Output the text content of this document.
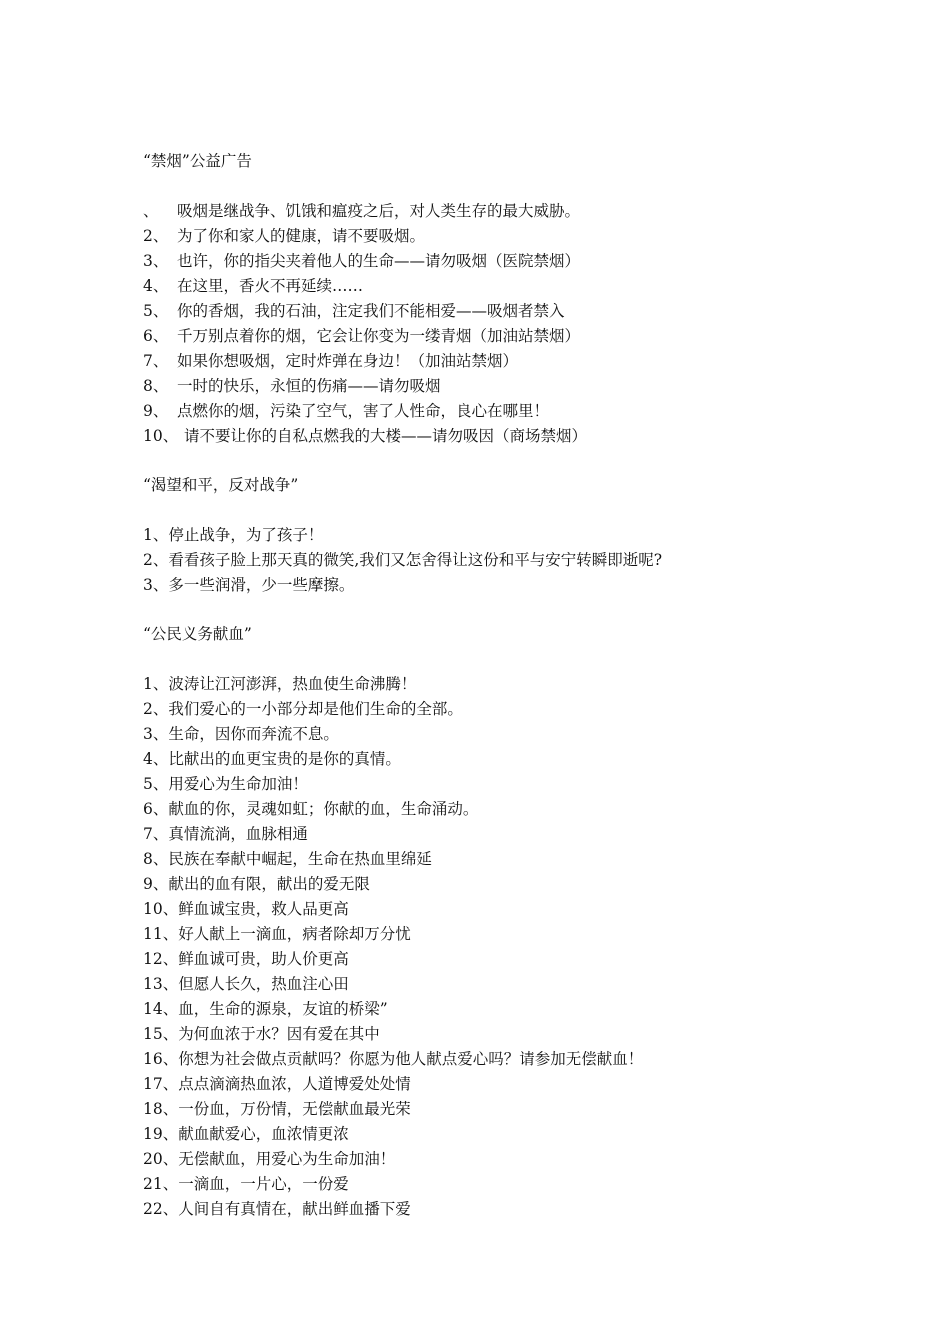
“禁烟”公益广告
、 吸烟是继战争、饥饿和瘟疫之后，对人类生存的最大威胁。
2、 为了你和家人的健康，请不要吸烟。
3、 也许，你的指尖夹着他人的生命——请勿吸烟（医院禁烟）
4、 在这里，香火不再延续……
5、 你的香烟，我的石油，注定我们不能相爱——吸烟者禁入
6、 千万别点着你的烟，它会让你变为一缕青烟（加油站禁烟）
7、 如果你想吸烟，定时炸弹在身边！（加油站禁烟）
8、 一时的快乐，永恒的伤痛——请勿吸烟
9、 点燃你的烟，污染了空气，害了人性命，良心在哪里！
10、 请不要让你的自私点燃我的大楼——请勿吸因（商场禁烟）
“渴望和平，反对战争”
1、停止战争，为了孩子！
2、看看孩子脸上那天真的微笑,我们又怎舍得让这份和平与安宁转瞬即逝呢?
3、多一些润滑，少一些摩擦。
“公民义务献血”
1、波涛让江河澎湃，热血使生命沸腾！
2、我们爱心的一小部分却是他们生命的全部。
3、生命，因你而奔流不息。
4、比献出的血更宝贵的是你的真情。
5、用爱心为生命加油！
6、献血的你，灵魂如虹；你献的血，生命涌动。
7、真情流淌，血脉相通
8、民族在奉献中崛起，生命在热血里绵延
9、献出的血有限，献出的爱无限
10、鲜血诚宝贵，救人品更高
11、好人献上一滴血，病者除却万分忧
12、鲜血诚可贵，助人价更高
13、但愿人长久，热血注心田
14、血，生命的源泉，友谊的桥梁”
15、为何血浓于水？因有爱在其中
16、你想为社会做点贡献吗？你愿为他人献点爱心吗？请参加无偿献血！
17、点点滴滴热血浓，人道博爱处处情
18、一份血，万份情，无偿献血最光荣
19、献血献爱心，血浓情更浓
20、无偿献血，用爱心为生命加油！
21、一滴血，一片心，一份爱
22、人间自有真情在，献出鲜血播下爱
